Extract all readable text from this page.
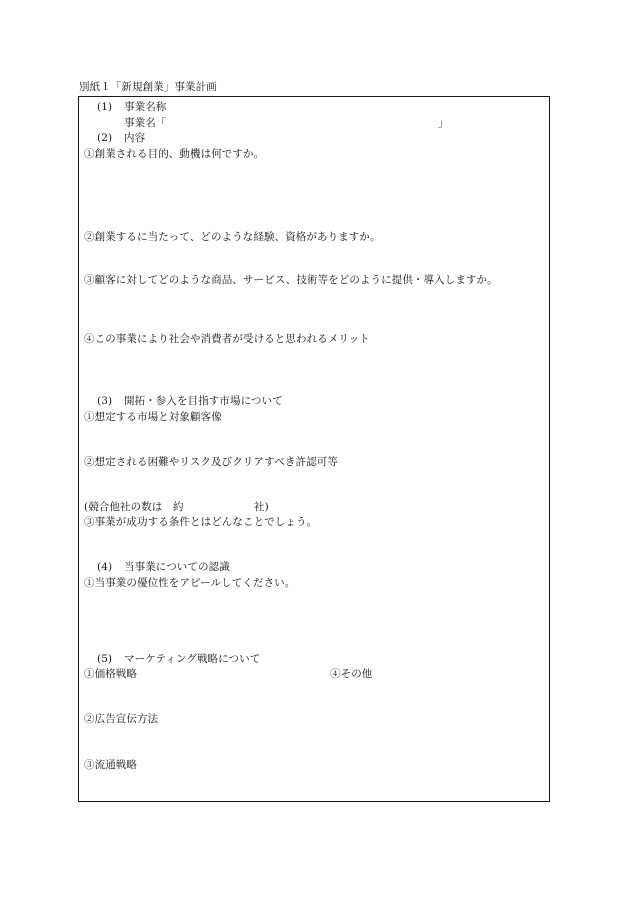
別紙１「新規創業」事業計画
(1) 事業名称
事業名「	」
(2) 内容
①創業される目的、動機は何ですか。
②創業するに当たって、どのような経験、資格がありますか。
③顧客に対してどのような商品、サービス、技術等をどのように提供・導入しますか。
④この事業により社会や消費者が受けると思われるメリット
(3) 開拓・参入を目指す市場について
①想定する市場と対象顧客像
②想定される困難やリスク及びクリアすべき許認可等
(競合他社の数は　約	社)
③事業が成功する条件とはどんなことでしょう。
(4) 当事業についての認識
①当事業の優位性をアピールしてください。
(5) マーケティング戦略について
①価格戦略	④その他
②広告宣伝方法
③流通戦略
